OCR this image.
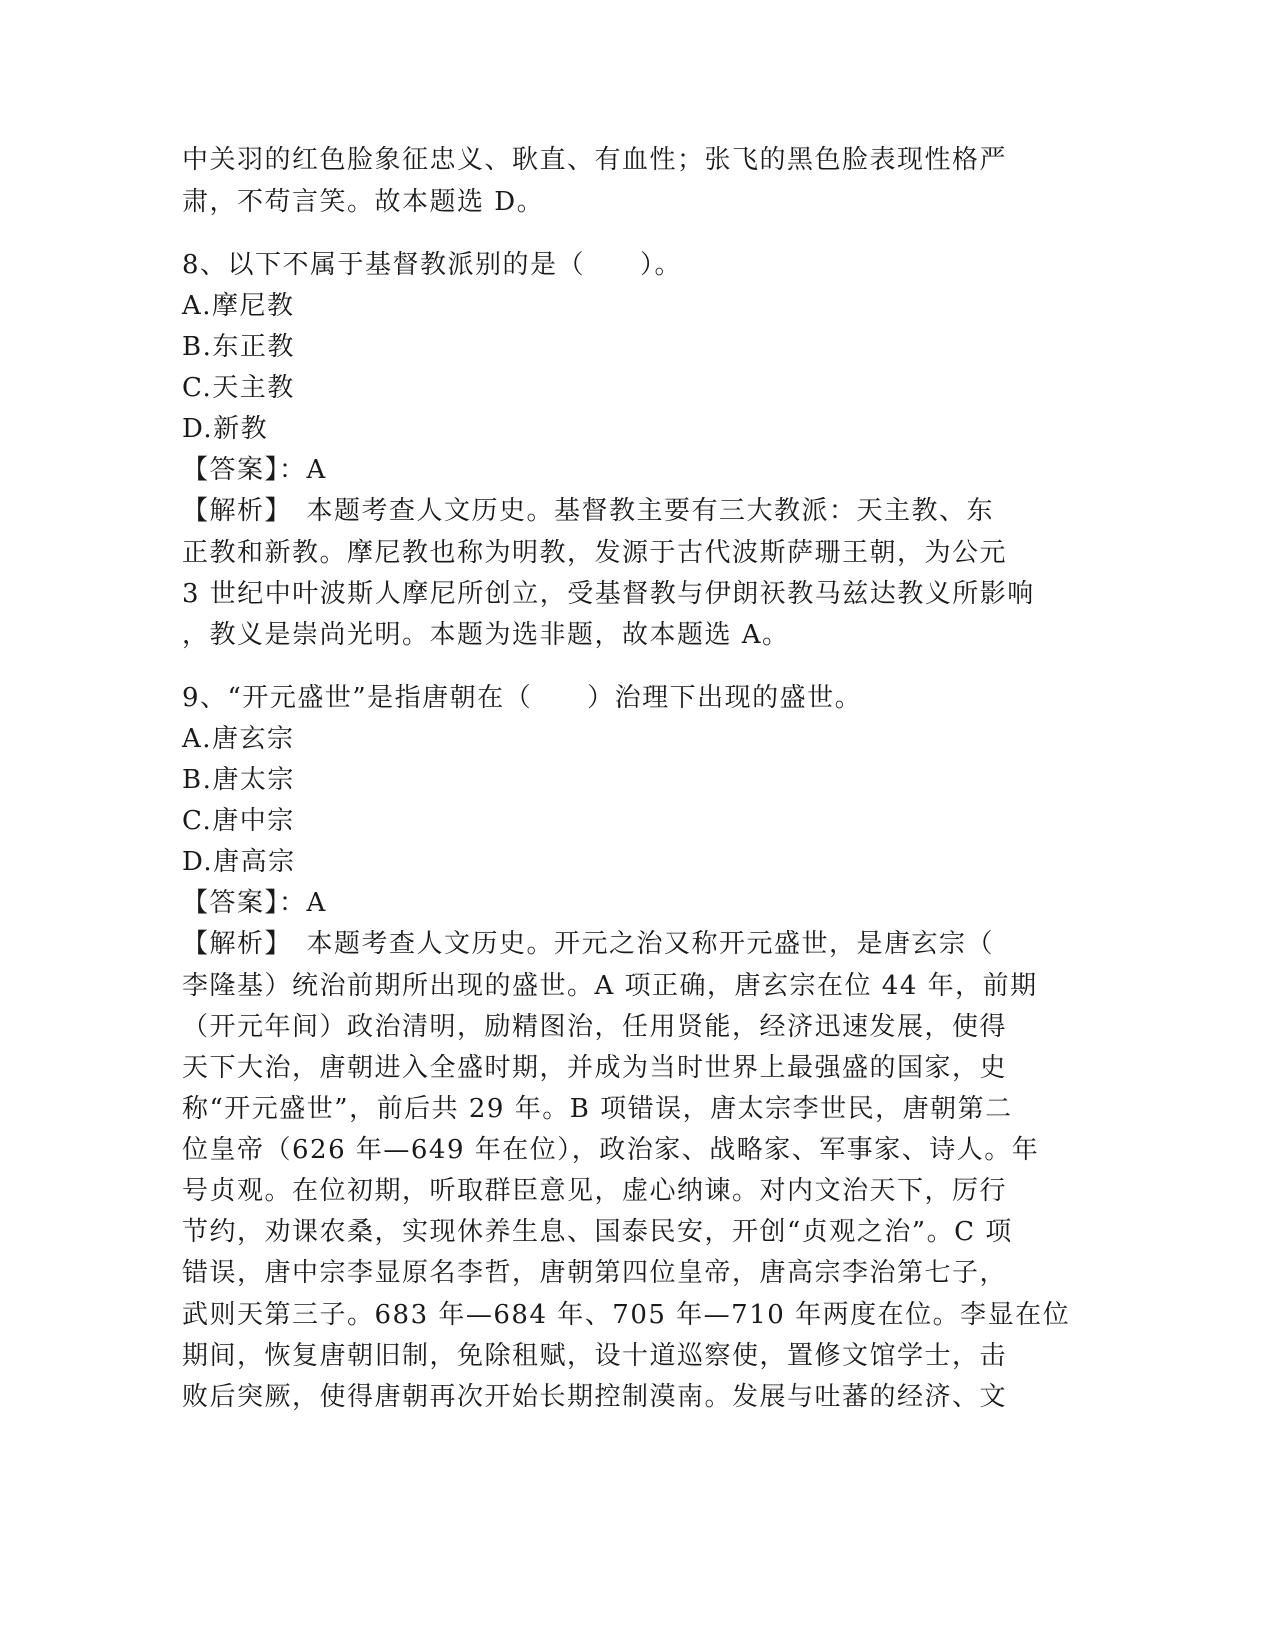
中关羽的红色脸象征忠义、耿直、有血性；张飞的黑色脸表现性格严
肃，不苟言笑。故本题选 D。
8、以下不属于基督教派别的是（　　）。
A.摩尼教
B.东正教
C.天主教
D.新教
【答案】：A
【解析】　本题考查人文历史。基督教主要有三大教派：天主教、东
正教和新教。摩尼教也称为明教，发源于古代波斯萨珊王朝，为公元
3 世纪中叶波斯人摩尼所创立，受基督教与伊朗祆教马兹达教义所影响
，教义是崇尚光明。本题为选非题，故本题选 A。
9、“开元盛世”是指唐朝在（　　）治理下出现的盛世。
A.唐玄宗
B.唐太宗
C.唐中宗
D.唐高宗
【答案】：A
【解析】　本题考查人文历史。开元之治又称开元盛世，是唐玄宗（
李隆基）统治前期所出现的盛世。A 项正确，唐玄宗在位 44 年，前期
（开元年间）政治清明，励精图治，任用贤能，经济迅速发展，使得
天下大治，唐朝进入全盛时期，并成为当时世界上最强盛的国家，史
称“开元盛世”，前后共 29 年。B 项错误，唐太宗李世民，唐朝第二
位皇帝（626 年—649 年在位），政治家、战略家、军事家、诗人。年
号贞观。在位初期，听取群臣意见，虚心纳谏。对内文治天下，厉行
节约，劝课农桑，实现休养生息、国泰民安，开创“贞观之治”。C 项
错误，唐中宗李显原名李哲，唐朝第四位皇帝，唐高宗李治第七子，
武则天第三子。683 年—684 年、705 年—710 年两度在位。李显在位
期间，恢复唐朝旧制，免除租赋，设十道巡察使，置修文馆学士，击
败后突厥，使得唐朝再次开始长期控制漠南。发展与吐蕃的经济、文
